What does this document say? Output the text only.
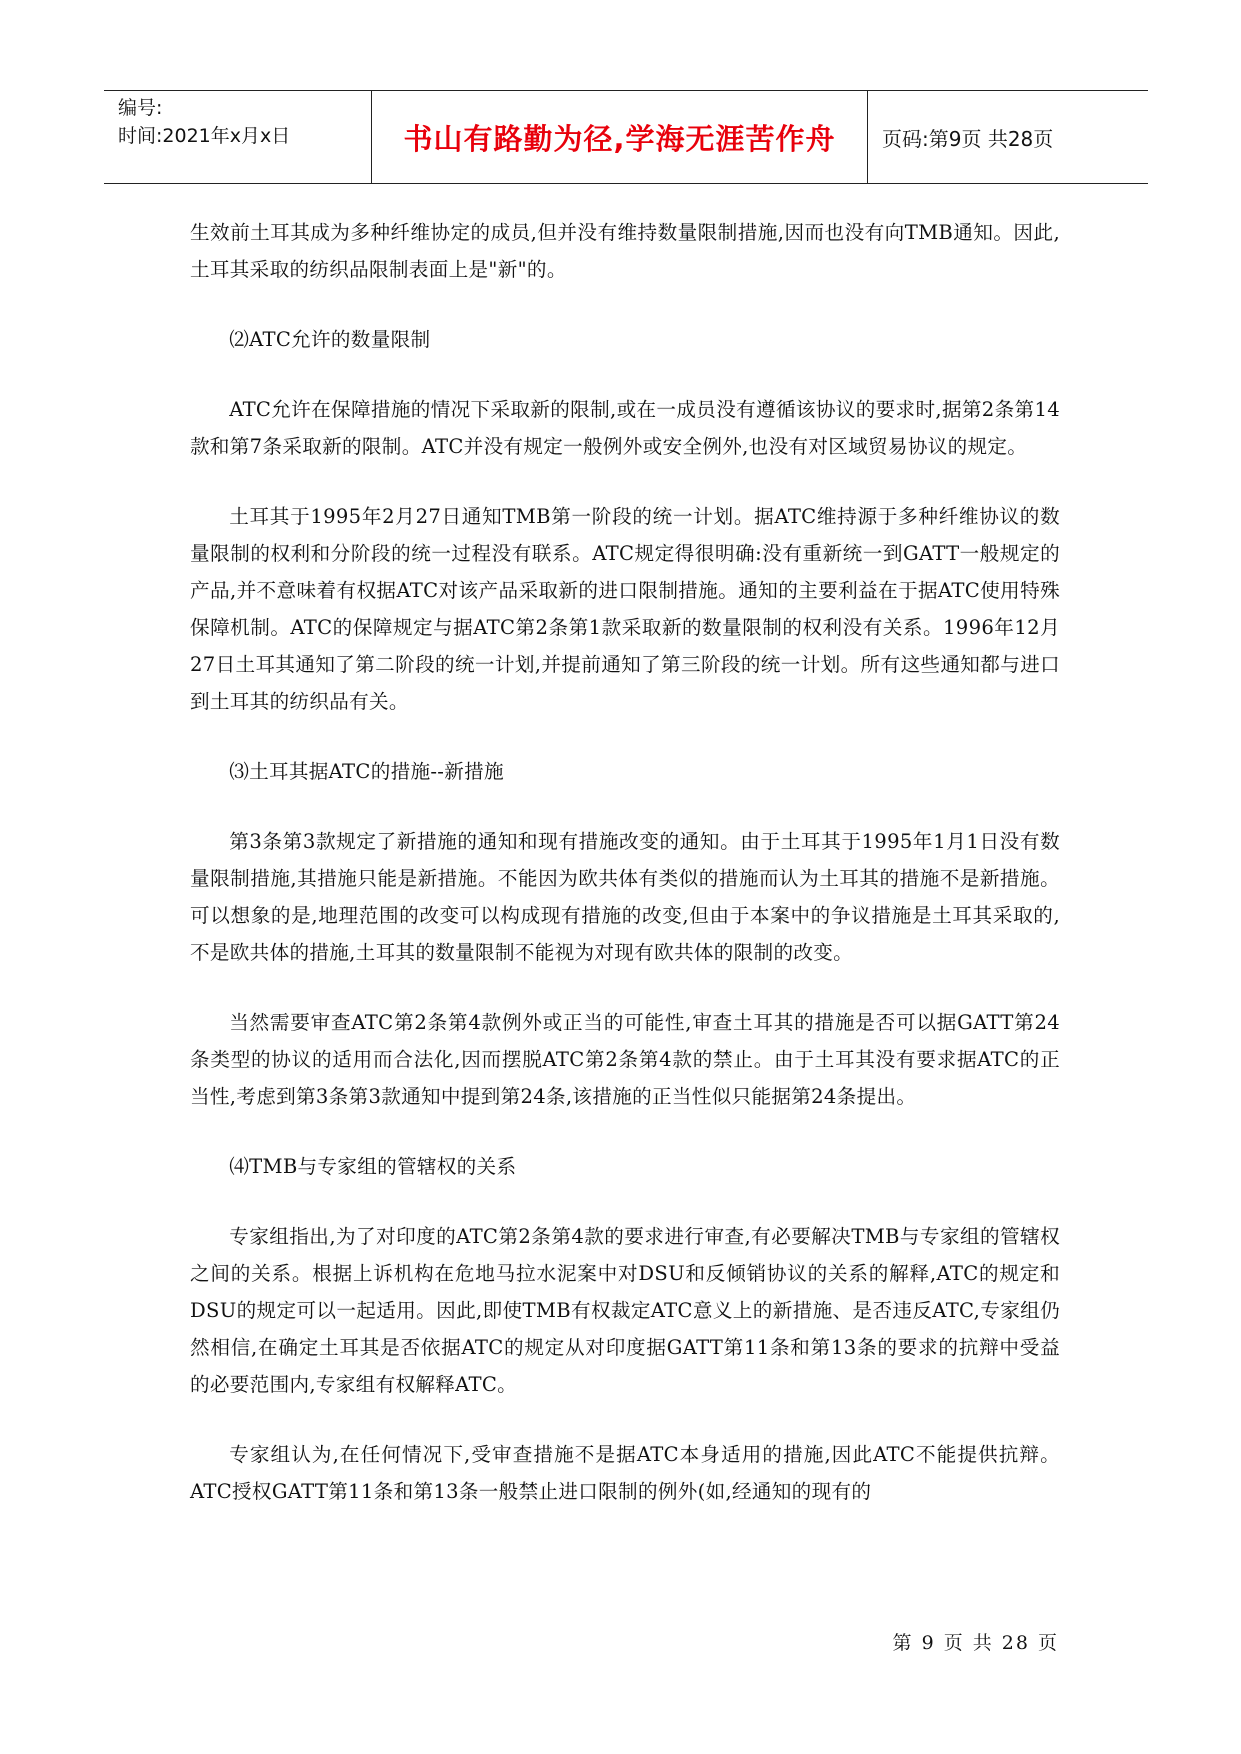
编号:
时间:2021年x月x日	书山有路勤为径,学海无涯苦作舟 页码:第9页 共28页

生效前土耳其成为多种纤维协定的成员,但并没有维持数量限制措施,因而也没有向TMB通知。因此,土耳其采取的纺织品限制表面上是"新"的。

⑵ATC允许的数量限制

ATC允许在保障措施的情况下采取新的限制,或在一成员没有遵循该协议的要求时,据第2条第14款和第7条采取新的限制。ATC并没有规定一般例外或安全例外,也没有对区域贸易协议的规定。

土耳其于1995年2月27日通知TMB第一阶段的统一计划。据ATC维持源于多种纤维协议的数量限制的权利和分阶段的统一过程没有联系。ATC规定得很明确:没有重新统一到GATT一般规定的产品,并不意味着有权据ATC对该产品采取新的进口限制措施。通知的主要利益在于据ATC使用特殊保障机制。ATC的保障规定与据ATC第2条第1款采取新的数量限制的权利没有关系。1996年12月27日土耳其通知了第二阶段的统一计划,并提前通知了第三阶段的统一计划。所有这些通知都与进口到土耳其的纺织品有关。

⑶土耳其据ATC的措施--新措施

第3条第3款规定了新措施的通知和现有措施改变的通知。由于土耳其于1995年1月1日没有数量限制措施,其措施只能是新措施。不能因为欧共体有类似的措施而认为土耳其的措施不是新措施。可以想象的是,地理范围的改变可以构成现有措施的改变,但由于本案中的争议措施是土耳其采取的,不是欧共体的措施,土耳其的数量限制不能视为对现有欧共体的限制的改变。

当然需要审查ATC第2条第4款例外或正当的可能性,审查土耳其的措施是否可以据GATT第24条类型的协议的适用而合法化,因而摆脱ATC第2条第4款的禁止。由于土耳其没有要求据ATC的正当性,考虑到第3条第3款通知中提到第24条,该措施的正当性似只能据第24条提出。

⑷TMB与专家组的管辖权的关系

专家组指出,为了对印度的ATC第2条第4款的要求进行审查,有必要解决TMB与专家组的管辖权之间的关系。根据上诉机构在危地马拉水泥案中对DSU和反倾销协议的关系的解释,ATC的规定和DSU的规定可以一起适用。因此,即使TMB有权裁定ATC意义上的新措施、是否违反ATC,专家组仍然相信,在确定土耳其是否依据ATC的规定从对印度据GATT第11条和第13条的要求的抗辩中受益的必要范围内,专家组有权解释ATC。

专家组认为,在任何情况下,受审查措施不是据ATC本身适用的措施,因此ATC不能提供抗辩。ATC授权GATT第11条和第13条一般禁止进口限制的例外(如,经通知的现有的

第 9 页 共 28 页
